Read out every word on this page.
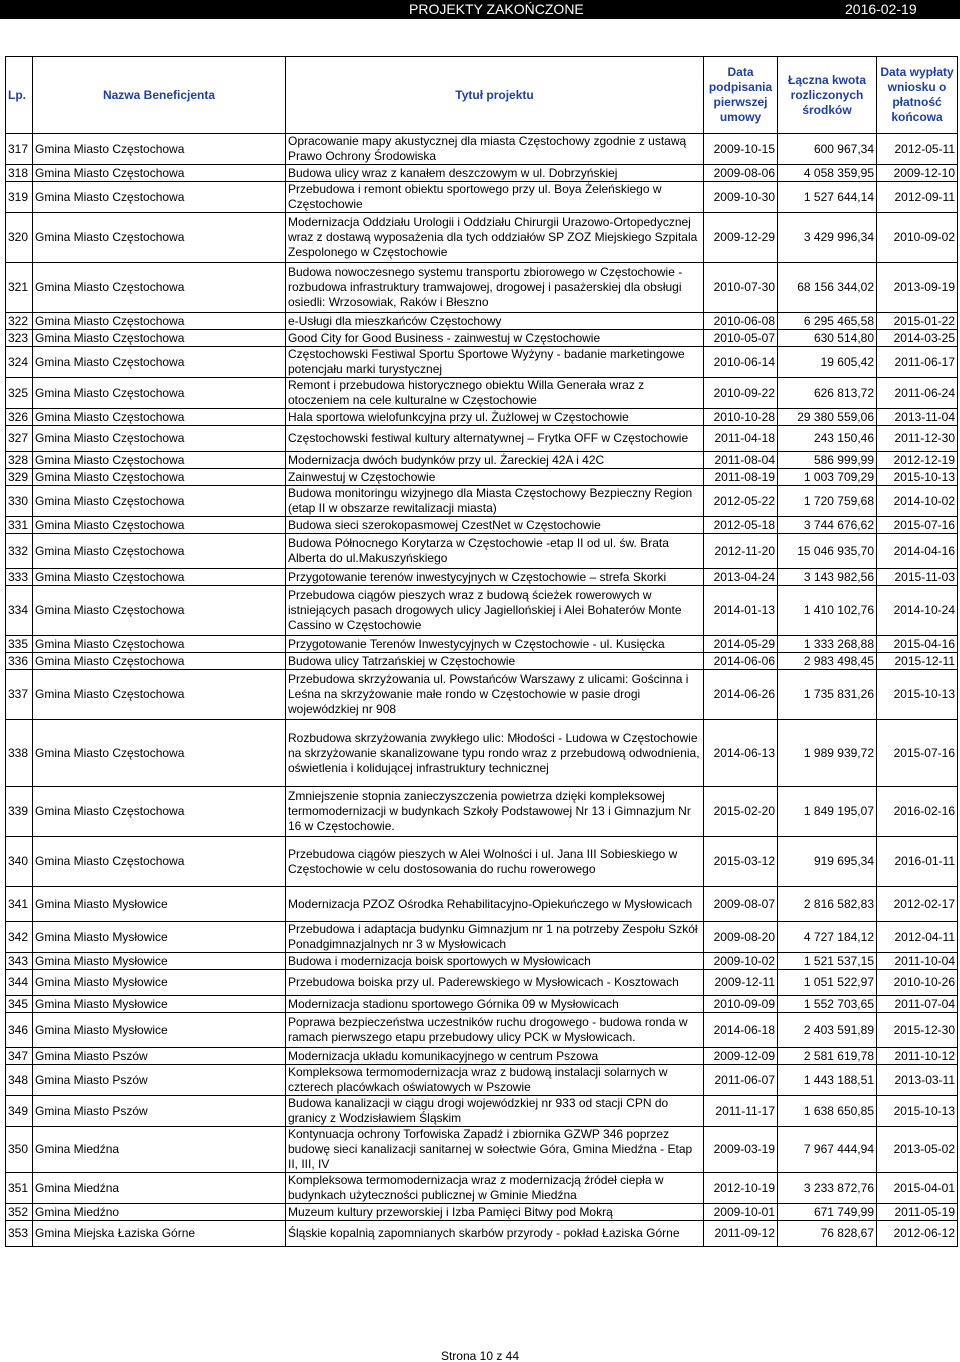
PROJEKTY ZAKOŃCZONE	2016-02-19
Lp.	Nazwa Beneficjenta	Tytuł projektu	Data podpisania pierwszej umowy	Łączna kwota rozliczonych środków	Data wypłaty wniosku o płatność końcowa
317	Gmina Miasto Częstochowa	Opracowanie mapy akustycznej dla miasta Częstochowy zgodnie z ustawą Prawo Ochrony Środowiska	2009-10-15	600 967,34	2012-05-11
318	Gmina Miasto Częstochowa	Budowa ulicy wraz z kanałem deszczowym w ul. Dobrzyńskiej	2009-08-06	4 058 359,95	2009-12-10
319	Gmina Miasto Częstochowa	Przebudowa i remont obiektu sportowego przy ul. Boya Żeleńskiego w Częstochowie	2009-10-30	1 527 644,14	2012-09-11
320	Gmina Miasto Częstochowa	Modernizacja Oddziału Urologii i Oddziału Chirurgii Urazowo-Ortopedycznej wraz z dostawą wyposażenia dla tych oddziałów SP ZOZ Miejskiego Szpitala Zespolonego w Częstochowie	2009-12-29	3 429 996,34	2010-09-02
321	Gmina Miasto Częstochowa	Budowa nowoczesnego systemu transportu zbiorowego w Częstochowie - rozbudowa infrastruktury tramwajowej, drogowej i pasażerskiej dla obsługi osiedli: Wrzosowiak, Raków i Błeszno	2010-07-30	68 156 344,02	2013-09-19
322	Gmina Miasto Częstochowa	e-Usługi dla mieszkańców Częstochowy	2010-06-08	6 295 465,58	2015-01-22
323	Gmina Miasto Częstochowa	Good City for Good Business - zainwestuj w Częstochowie	2010-05-07	630 514,80	2014-03-25
324	Gmina Miasto Częstochowa	Częstochowski Festiwal Sportu Sportowe Wyżyny - badanie marketingowe potencjału marki turystycznej	2010-06-14	19 605,42	2011-06-17
325	Gmina Miasto Częstochowa	Remont i przebudowa historycznego obiektu Willa Generała wraz z otoczeniem na cele kulturalne w Częstochowie	2010-09-22	626 813,72	2011-06-24
326	Gmina Miasto Częstochowa	Hala sportowa wielofunkcyjna przy ul. Żużlowej w Częstochowie	2010-10-28	29 380 559,06	2013-11-04
327	Gmina Miasto Częstochowa	Częstochowski festiwal kultury alternatywnej – Frytka OFF w Częstochowie	2011-04-18	243 150,46	2011-12-30
328	Gmina Miasto Częstochowa	Modernizacja dwóch budynków przy ul. Żareckiej 42A i 42C	2011-08-04	586 999,99	2012-12-19
329	Gmina Miasto Częstochowa	Zainwestuj w Częstochowie	2011-08-19	1 003 709,29	2015-10-13
330	Gmina Miasto Częstochowa	Budowa monitoringu wizyjnego dla Miasta Częstochowy Bezpieczny Region (etap II w obszarze rewitalizacji miasta)	2012-05-22	1 720 759,68	2014-10-02
331	Gmina Miasto Częstochowa	Budowa sieci szerokopasmowej CzestNet w Częstochowie	2012-05-18	3 744 676,62	2015-07-16
332	Gmina Miasto Częstochowa	Budowa Północnego Korytarza w Częstochowie -etap II od ul. św. Brata Alberta do ul.Makuszyńskiego	2012-11-20	15 046 935,70	2014-04-16
333	Gmina Miasto Częstochowa	Przygotowanie terenów inwestycyjnych w Częstochowie – strefa Skorki	2013-04-24	3 143 982,56	2015-11-03
334	Gmina Miasto Częstochowa	Przebudowa ciągów pieszych wraz z budową ścieżek rowerowych w istniejących pasach drogowych ulicy Jagiellońskiej i Alei Bohaterów Monte Cassino w Częstochowie	2014-01-13	1 410 102,76	2014-10-24
335	Gmina Miasto Częstochowa	Przygotowanie Terenów Inwestycyjnych w Częstochowie - ul. Kusięcka	2014-05-29	1 333 268,88	2015-04-16
336	Gmina Miasto Częstochowa	Budowa ulicy Tatrzańskiej w Częstochowie	2014-06-06	2 983 498,45	2015-12-11
337	Gmina Miasto Częstochowa	Przebudowa skrzyżowania ul. Powstańców Warszawy z ulicami: Gościnna i Leśna na skrzyżowanie małe rondo w Częstochowie w pasie drogi wojewódzkiej nr 908	2014-06-26	1 735 831,26	2015-10-13
338	Gmina Miasto Częstochowa	Rozbudowa skrzyżowania zwykłego ulic: Młodości - Ludowa w Częstochowie na skrzyżowanie skanalizowane typu rondo wraz z przebudową odwodnienia, oświetlenia i kolidującej infrastruktury technicznej	2014-06-13	1 989 939,72	2015-07-16
339	Gmina Miasto Częstochowa	Zmniejszenie stopnia zanieczyszczenia powietrza dzięki kompleksowej termomodernizacji w budynkach Szkoły Podstawowej Nr 13 i Gimnazjum Nr 16 w Częstochowie.	2015-02-20	1 849 195,07	2016-02-16
340	Gmina Miasto Częstochowa	Przebudowa ciągów pieszych w Alei Wolności i ul. Jana III Sobieskiego w Częstochowie w celu dostosowania do ruchu rowerowego	2015-03-12	919 695,34	2016-01-11
341	Gmina Miasto Mysłowice	Modernizacja PZOZ Ośrodka Rehabilitacyjno-Opiekuńczego w Mysłowicach	2009-08-07	2 816 582,83	2012-02-17
342	Gmina Miasto Mysłowice	Przebudowa i adaptacja budynku Gimnazjum nr 1 na potrzeby Zespołu Szkół Ponadgimnazjalnych nr 3 w Mysłowicach	2009-08-20	4 727 184,12	2012-04-11
343	Gmina Miasto Mysłowice	Budowa i modernizacja boisk sportowych w Mysłowicach	2009-10-02	1 521 537,15	2011-10-04
344	Gmina Miasto Mysłowice	Przebudowa boiska przy ul. Paderewskiego w Mysłowicach - Kosztowach	2009-12-11	1 051 522,97	2010-10-26
345	Gmina Miasto Mysłowice	Modernizacja stadionu sportowego Górnika 09 w Mysłowicach	2010-09-09	1 552 703,65	2011-07-04
346	Gmina Miasto Mysłowice	Poprawa bezpieczeństwa uczestników ruchu drogowego - budowa ronda w ramach pierwszego etapu przebudowy ulicy PCK w Mysłowicach.	2014-06-18	2 403 591,89	2015-12-30
347	Gmina Miasto Pszów	Modernizacja układu komunikacyjnego w centrum Pszowa	2009-12-09	2 581 619,78	2011-10-12
348	Gmina Miasto Pszów	Kompleksowa termomodernizacja wraz z budową instalacji solarnych w czterech placówkach oświatowych w Pszowie	2011-06-07	1 443 188,51	2013-03-11
349	Gmina Miasto Pszów	Budowa kanalizacji w ciągu drogi wojewódzkiej nr 933 od stacji CPN do granicy z Wodzisławiem Śląskim	2011-11-17	1 638 650,85	2015-10-13
350	Gmina Miedźna	Kontynuacja ochrony Torfowiska Zapadź i zbiornika GZWP 346 poprzez budowę sieci kanalizacji sanitarnej w sołectwie Góra, Gmina Miedźna - Etap II, III, IV	2009-03-19	7 967 444,94	2013-05-02
351	Gmina Miedźna	Kompleksowa termomodernizacja wraz z modernizacją źródeł ciepła w budynkach użyteczności publicznej w Gminie Miedźna	2012-10-19	3 233 872,76	2015-04-01
352	Gmina Miedźno	Muzeum kultury przeworskiej i Izba Pamięci Bitwy pod Mokrą	2009-10-01	671 749,99	2011-05-19
353	Gmina Miejska Łaziska Górne	Śląskie kopalnią zapomnianych skarbów przyrody - pokład Łaziska Górne	2011-09-12	76 828,67	2012-06-12
Strona 10 z 44
